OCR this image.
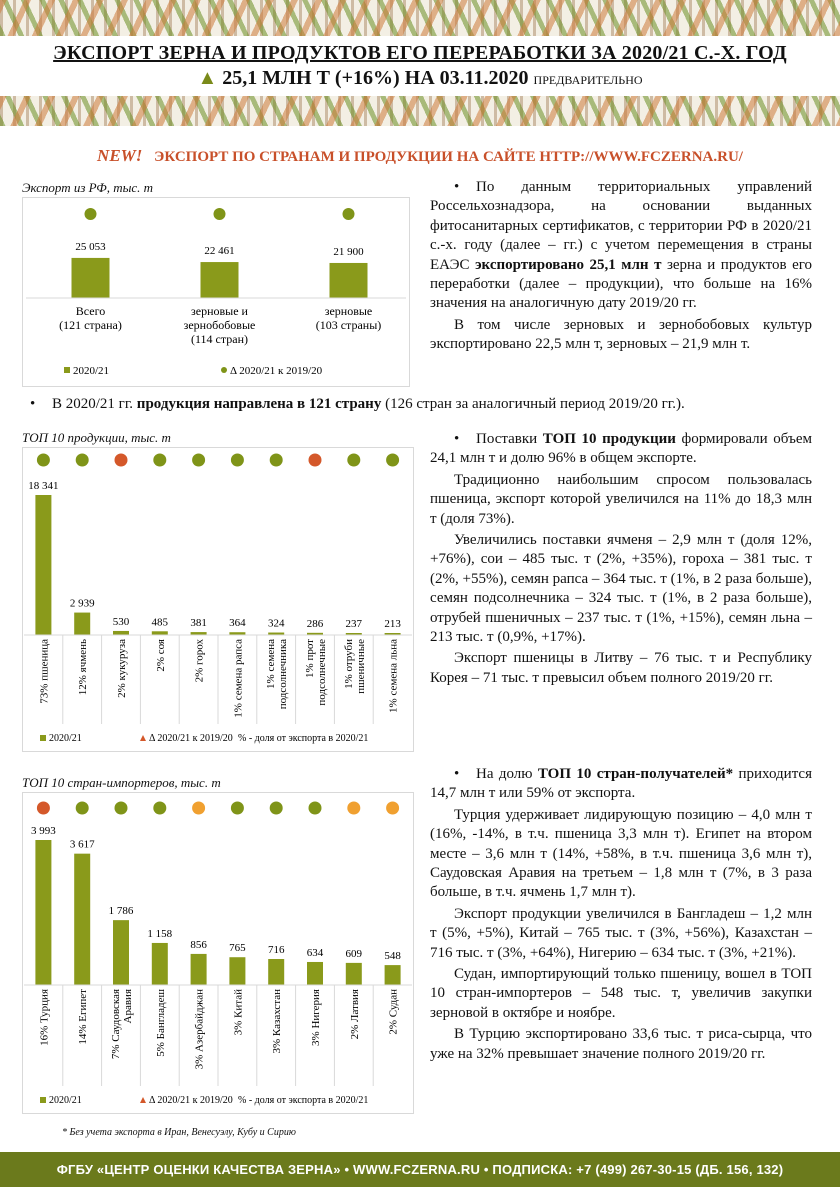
ЭКСПОРТ ЗЕРНА И ПРОДУКТОВ ЕГО ПЕРЕРАБОТКИ ЗА 2020/21 С.-Х. ГОД
▲ 25,1 МЛН Т (+16%) НА 03.11.2020 ПРЕДВАРИТЕЛЬНО
NEW! ЭКСПОРТ ПО СТРАНАМ И ПРОДУКЦИИ НА САЙТЕ HTTP://WWW.FCZERNA.RU/
Экспорт из РФ, тыс. т
25 053
Всего
(121 страна)
22 461
зерновые и
зернобобовые
(114 стран)
21 900
зерновые
(103 страны)
2020/21	Δ 2020/21 к 2019/20

• По данным территориальных управлений Россельхознадзора, на основании выданных фитосанитарных сертификатов, с территории РФ в 2020/21 с.-х. году (далее – гг.) с учетом перемещения в страны ЕАЭС экспортировано 25,1 млн т зерна и продуктов его переработки (далее – продукции), что больше на 16% значения на аналогичную дату 2019/20 гг.

В том числе зерновых и зернобобовых культур экспортировано 22,5 млн т, зерновых – 21,9 млн т.

• В 2020/21 гг. продукция направлена в 121 страну (126 стран за аналогичный период 2019/20 гг.).
ТОП 10 продукции, тыс. т
18 341
73% пшеница
2 939
12% ячмень
530
2% кукуруза
485
2% соя
381
2% горох
364
1% семена рапса
324
1% семена подсолнечника
286
1% прот подсолнечные
237
1% отруби пшеничные
213
1% семена льна
2020/21	Δ 2020/21 к 2019/20 % - доля от экспорта в 2020/21

• Поставки ТОП 10 продукции формировали объем 24,1 млн т и долю 96% в общем экспорте.

Традиционно наибольшим спросом пользовалась пшеница, экспорт которой увеличился на 11% до 18,3 млн т (доля 73%).

Увеличились поставки ячменя – 2,9 млн т (доля 12%, +76%), сои – 485 тыс. т (2%, +35%), гороха – 381 тыс. т (2%, +55%), семян рапса – 364 тыс. т (1%, в 2 раза больше), семян подсолнечника – 324 тыс. т (1%, в 2 раза больше), отрубей пшеничных – 237 тыс. т (1%, +15%), семян льна – 213 тыс. т (0,9%, +17%).

Экспорт пшеницы в Литву – 76 тыс. т и Республику Корея – 71 тыс. т превысил объем полного 2019/20 гг.

ТОП 10 стран-импортеров, тыс. т
3 993
16% Турция
3 617
14% Египет
1 786
7% Саудовская Аравия
1 158
5% Бангладеш
856
3% Азербайджан
765
3% Китай
716
3% Казахстан
634
3% Нигерия
609
2% Латвия
548
2% Судан
2020/21	Δ 2020/21 к 2019/20 % - доля от экспорта в 2020/21

• На долю ТОП 10 стран-получателей* приходится 14,7 млн т или 59% от экспорта.

Турция удерживает лидирующую позицию – 4,0 млн т (16%, -14%, в т.ч. пшеница 3,3 млн т). Египет на втором месте – 3,6 млн т (14%, +58%, в т.ч. пшеница 3,6 млн т), Саудовская Аравия на третьем – 1,8 млн т (7%, в 3 раза больше, в т.ч. ячмень 1,7 млн т).

Экспорт продукции увеличился в Бангладеш – 1,2 млн т (5%, +5%), Китай – 765 тыс. т (3%, +56%), Казахстан – 716 тыс. т (3%, +64%), Нигерию – 634 тыс. т (3%, +21%).

Судан, импортирующий только пшеницу, вошел в ТОП 10 стран-импортеров – 548 тыс. т, увеличив закупки зерновой в октябре и ноябре.

В Турцию экспортировано 33,6 тыс. т риса-сырца, что уже на 32% превышает значение полного 2019/20 гг.

* Без учета экспорта в Иран, Венесуэлу, Кубу и Сирию
ФГБУ «ЦЕНТР ОЦЕНКИ КАЧЕСТВА ЗЕРНА» • WWW.FCZERNA.RU • ПОДПИСКА: +7 (499) 267-30-15 (ДБ. 156, 132)
